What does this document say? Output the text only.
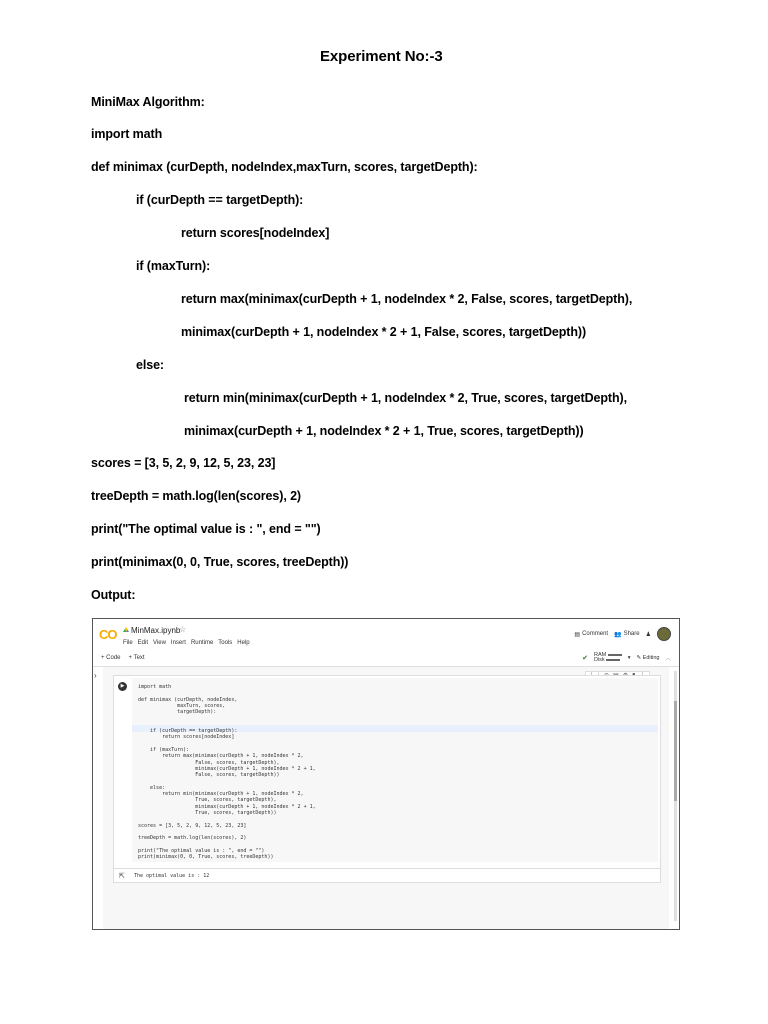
Experiment No:-3
MiniMax Algorithm:
import math
def minimax (curDepth, nodeIndex,maxTurn, scores, targetDepth):
if (curDepth == targetDepth):
return scores[nodeIndex]
if (maxTurn):
return max(minimax(curDepth + 1, nodeIndex * 2, False, scores, targetDepth),
minimax(curDepth + 1, nodeIndex * 2 + 1, False, scores, targetDepth))
else:
return min(minimax(curDepth + 1, nodeIndex * 2, True, scores, targetDepth),
minimax(curDepth + 1, nodeIndex * 2 + 1, True, scores, targetDepth))
scores = [3, 5, 2, 9, 12, 5, 23, 23]
treeDepth = math.log(len(scores), 2)
print("The optimal value is : ", end = "")
print(minimax(0, 0, True, scores, treeDepth))
Output:
CO MinMax.ipynb
☆
File Edit View Insert Runtime Tools Help
▤ Comment 👥 Share ♟
+ Code + Text	✔ RAM
Disk	▾ ✎ Editing ︿
›
▶	import math
def minimax (curDepth, nodeIndex,
maxTurn, scores,
targetDepth):
if (curDepth == targetDepth):
return scores[nodeIndex]
if (maxTurn):
return max(minimax(curDepth + 1, nodeIndex * 2,
False, scores, targetDepth),
minimax(curDepth + 1, nodeIndex * 2 + 1,
False, scores, targetDepth))
else:
return min(minimax(curDepth + 1, nodeIndex * 2,
True, scores, targetDepth),
minimax(curDepth + 1, nodeIndex * 2 + 1,
True, scores, targetDepth))
scores = [3, 5, 2, 9, 12, 5, 23, 23]
treeDepth = math.log(len(scores), 2)
print("The optimal value is : ", end = "")
print(minimax(0, 0, True, scores, treeDepth))
⇱ The optimal value is : 12
